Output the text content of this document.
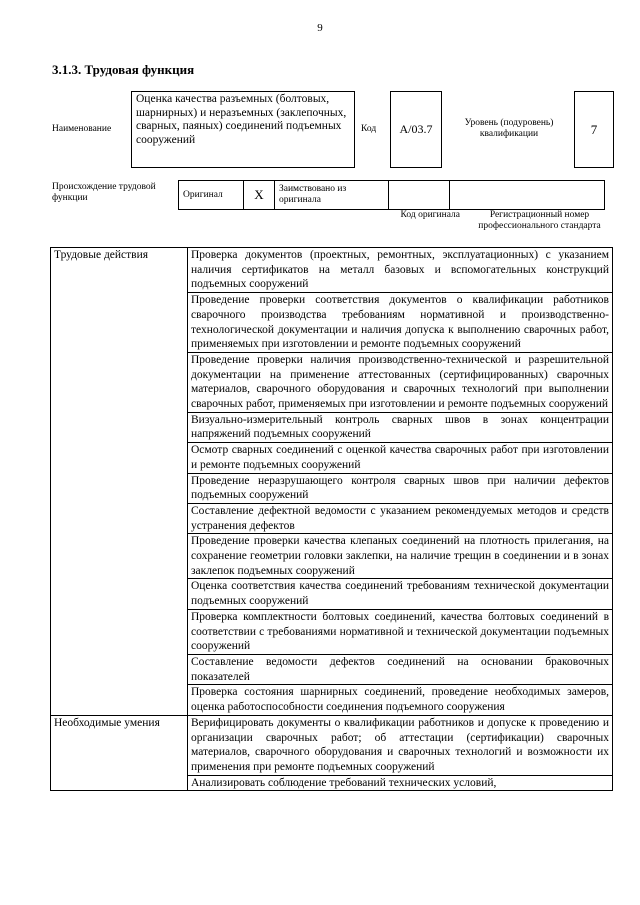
9
3.1.3. Трудовая функция
Наименование
Оценка качества разъемных (болтовых, шарнирных) и неразъемных (заклепочных, сварных, паяных) соединений подъемных сооружений
Код	А/03.7	Уровень (подуровень) квалификации	7
Происхождение трудовой функции	Оригинал	X	Заимствовано из оригинала		
Код оригинала	Регистрационный номер профессионального стандарта
Трудовые действия	Проверка документов (проектных, ремонтных, эксплуатационных) с указанием наличия сертификатов на металл базовых и вспомогательных конструкций подъемных сооружений
	Проведение проверки соответствия документов о квалификации работников сварочного производства требованиям нормативной и производственно-технологической документации и наличия допуска к выполнению сварочных работ, применяемых при изготовлении и ремонте подъемных сооружений
	Проведение проверки наличия производственно-технической и разрешительной документации на применение аттестованных (сертифицированных) сварочных материалов, сварочного оборудования и сварочных технологий при выполнении сварочных работ, применяемых при изготовлении и ремонте подъемных сооружений
	Визуально-измерительный контроль сварных швов в зонах концентрации напряжений подъемных сооружений
	Осмотр сварных соединений с оценкой качества сварочных работ при изготовлении и ремонте подъемных сооружений
	Проведение неразрушающего контроля сварных швов при наличии дефектов подъемных сооружений
	Составление дефектной ведомости с указанием рекомендуемых методов и средств устранения дефектов
	Проведение проверки качества клепаных соединений на плотность прилегания, на сохранение геометрии головки заклепки, на наличие трещин в соединении и в зонах заклепок подъемных сооружений
	Оценка соответствия качества соединений требованиям технической документации подъемных сооружений
	Проверка комплектности болтовых соединений, качества болтовых соединений в соответствии с требованиями нормативной и технической документации подъемных сооружений
	Составление ведомости дефектов соединений на основании браковочных показателей
	Проверка состояния шарнирных соединений, проведение необходимых замеров, оценка работоспособности соединения подъемного сооружения
Необходимые умения	Верифицировать документы о квалификации работников и допуске к проведению и организации сварочных работ; об аттестации (сертификации) сварочных материалов, сварочного оборудования и сварочных технологий и возможности их применения при ремонте подъемных сооружений
	Анализировать соблюдение требований технических условий,
